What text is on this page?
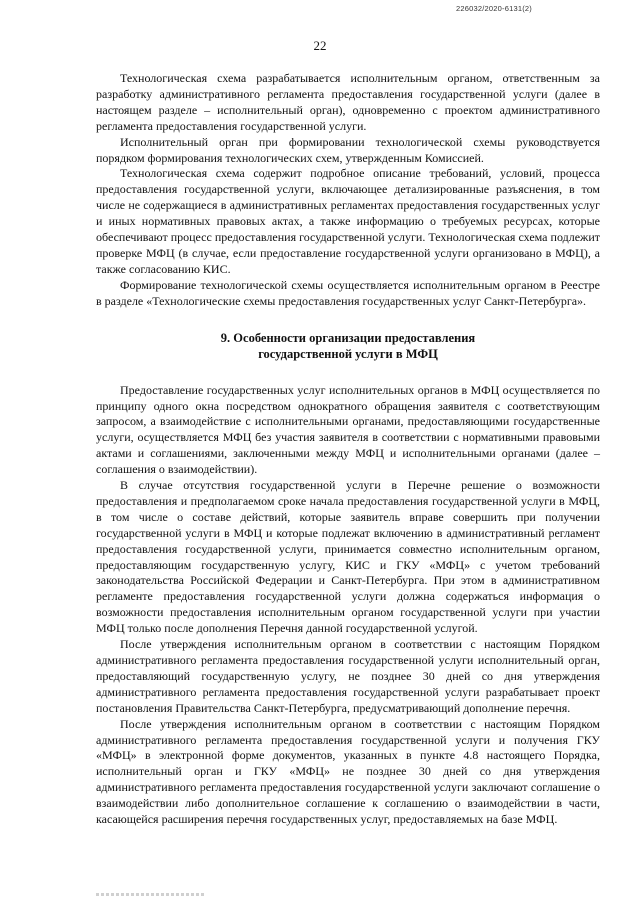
226032/2020-6131(2)
22

Технологическая схема разрабатывается исполнительным органом, ответственным за разработку административного регламента предоставления государственной услуги (далее в настоящем разделе – исполнительный орган), одновременно с проектом административного регламента предоставления государственной услуги.

Исполнительный орган при формировании технологической схемы руководствуется порядком формирования технологических схем, утвержденным Комиссией.

Технологическая схема содержит подробное описание требований, условий, процесса предоставления государственной услуги, включающее детализированные разъяснения, в том числе не содержащиеся в административных регламентах предоставления государственных услуг и иных нормативных правовых актах, а также информацию о требуемых ресурсах, которые обеспечивают процесс предоставления государственной услуги. Технологическая схема подлежит проверке МФЦ (в случае, если предоставление государственной услуги организовано в МФЦ), а также согласованию КИС.

Формирование технологической схемы осуществляется исполнительным органом в Реестре в разделе «Технологические схемы предоставления государственных услуг Санкт-Петербурга».

9. Особенности организации предоставления
государственной услуги в МФЦ

Предоставление государственных услуг исполнительных органов в МФЦ осуществляется по принципу одного окна посредством однократного обращения заявителя с соответствующим запросом, а взаимодействие с исполнительными органами, предоставляющими государственные услуги, осуществляется МФЦ без участия заявителя в соответствии с нормативными правовыми актами и соглашениями, заключенными между МФЦ и исполнительными органами (далее – соглашения о взаимодействии).

В случае отсутствия государственной услуги в Перечне решение о возможности предоставления и предполагаемом сроке начала предоставления государственной услуги в МФЦ, в том числе о составе действий, которые заявитель вправе совершить при получении государственной услуги в МФЦ и которые подлежат включению в административный регламент предоставления государственной услуги, принимается совместно исполнительным органом, предоставляющим государственную услугу, КИС и ГКУ «МФЦ» с учетом требований законодательства Российской Федерации и Санкт-Петербурга. При этом в административном регламенте предоставления государственной услуги должна содержаться информация о возможности предоставления исполнительным органом государственной услуги при участии МФЦ только после дополнения Перечня данной государственной услугой.

После утверждения исполнительным органом в соответствии с настоящим Порядком административного регламента предоставления государственной услуги исполнительный орган, предоставляющий государственную услугу, не позднее 30 дней со дня утверждения административного регламента предоставления государственной услуги разрабатывает проект постановления Правительства Санкт-Петербурга, предусматривающий дополнение перечня.

После утверждения исполнительным органом в соответствии с настоящим Порядком административного регламента предоставления государственной услуги и получения ГКУ «МФЦ» в электронной форме документов, указанных в пункте 4.8 настоящего Порядка, исполнительный орган и ГКУ «МФЦ» не позднее 30 дней со дня утверждения административного регламента предоставления государственной услуги заключают соглашение о взаимодействии либо дополнительное соглашение к соглашению о взаимодействии в части, касающейся расширения перечня государственных услуг, предоставляемых на базе МФЦ.
